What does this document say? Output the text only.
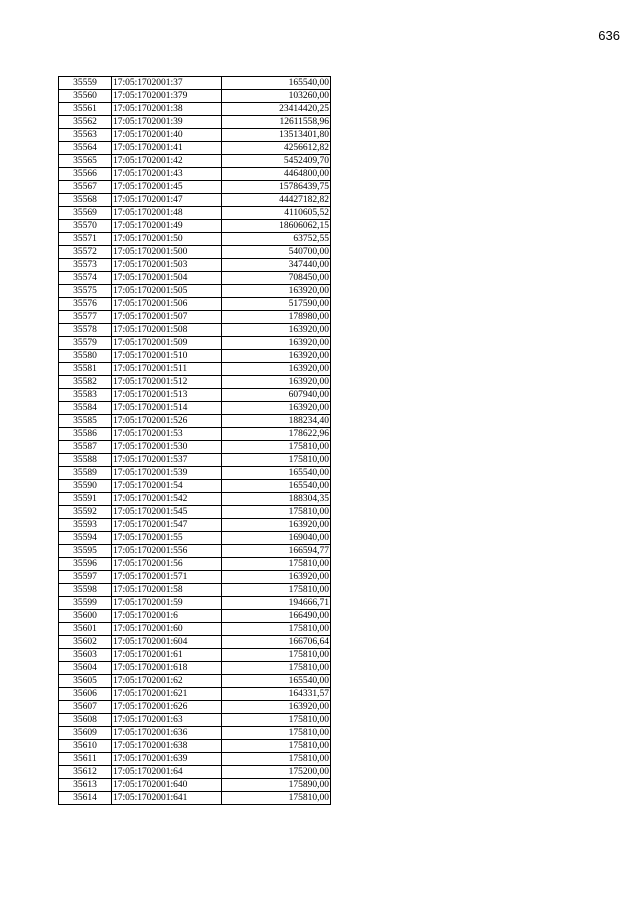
636
35559	17:05:1702001:37	165540,00
35560	17:05:1702001:379	103260,00
35561	17:05:1702001:38	23414420,25
35562	17:05:1702001:39	12611558,96
35563	17:05:1702001:40	13513401,80
35564	17:05:1702001:41	4256612,82
35565	17:05:1702001:42	5452409,70
35566	17:05:1702001:43	4464800,00
35567	17:05:1702001:45	15786439,75
35568	17:05:1702001:47	44427182,82
35569	17:05:1702001:48	4110605,52
35570	17:05:1702001:49	18606062,15
35571	17:05:1702001:50	63752,55
35572	17:05:1702001:500	540700,00
35573	17:05:1702001:503	347440,00
35574	17:05:1702001:504	708450,00
35575	17:05:1702001:505	163920,00
35576	17:05:1702001:506	517590,00
35577	17:05:1702001:507	178980,00
35578	17:05:1702001:508	163920,00
35579	17:05:1702001:509	163920,00
35580	17:05:1702001:510	163920,00
35581	17:05:1702001:511	163920,00
35582	17:05:1702001:512	163920,00
35583	17:05:1702001:513	607940,00
35584	17:05:1702001:514	163920,00
35585	17:05:1702001:526	188234,40
35586	17:05:1702001:53	178622,96
35587	17:05:1702001:530	175810,00
35588	17:05:1702001:537	175810,00
35589	17:05:1702001:539	165540,00
35590	17:05:1702001:54	165540,00
35591	17:05:1702001:542	188304,35
35592	17:05:1702001:545	175810,00
35593	17:05:1702001:547	163920,00
35594	17:05:1702001:55	169040,00
35595	17:05:1702001:556	166594,77
35596	17:05:1702001:56	175810,00
35597	17:05:1702001:571	163920,00
35598	17:05:1702001:58	175810,00
35599	17:05:1702001:59	194666,71
35600	17:05:1702001:6	166490,00
35601	17:05:1702001:60	175810,00
35602	17:05:1702001:604	166706,64
35603	17:05:1702001:61	175810,00
35604	17:05:1702001:618	175810,00
35605	17:05:1702001:62	165540,00
35606	17:05:1702001:621	164331,57
35607	17:05:1702001:626	163920,00
35608	17:05:1702001:63	175810,00
35609	17:05:1702001:636	175810,00
35610	17:05:1702001:638	175810,00
35611	17:05:1702001:639	175810,00
35612	17:05:1702001:64	175200,00
35613	17:05:1702001:640	175890,00
35614	17:05:1702001:641	175810,00
